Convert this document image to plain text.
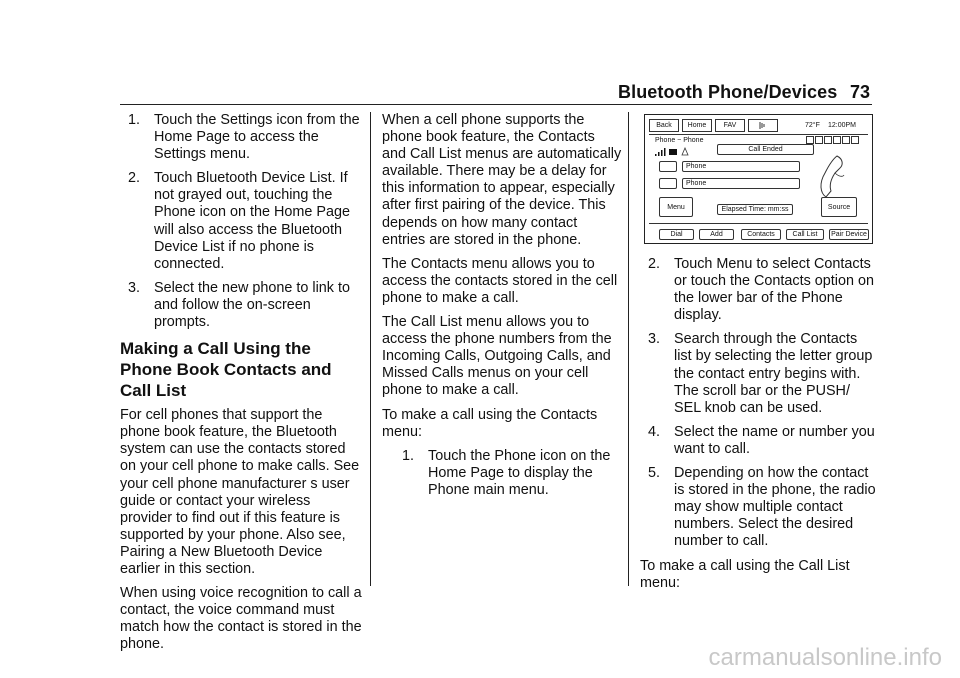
Bluetooth Phone/Devices 73
1. Touch the Settings icon from the Home Page to access the Settings menu.
2. Touch Bluetooth Device List. If not grayed out, touching the Phone icon on the Home Page will also access the Bluetooth Device List if no phone is connected.
3. Select the new phone to link to and follow the on-screen prompts.
Making a Call Using the Phone Book Contacts and Call List

For cell phones that support the phone book feature, the Bluetooth system can use the contacts stored on your cell phone to make calls. See your cell phone manufacturer s user guide or contact your wireless provider to find out if this feature is supported by your phone. Also see, Pairing a New Bluetooth Device earlier in this section.

When using voice recognition to call a contact, the voice command must match how the contact is stored in the phone.

When a cell phone supports the phone book feature, the Contacts and Call List menus are automatically available. There may be a delay for this information to appear, especially after first pairing of the device. This depends on how many contact entries are stored in the phone.

The Contacts menu allows you to access the contacts stored in the cell phone to make a call.

The Call List menu allows you to access the phone numbers from the Incoming Calls, Outgoing Calls, and Missed Calls menus on your cell phone to make a call.

To make a call using the Contacts menu:

1. Touch the Phone icon on the Home Page to display the Phone main menu.
Back	Home	FAV	72°F 12:00PM
Phone − Phone
Call Ended
Phone
Phone
Menu	Elapsed Time: mm:ss	Source
Dial	Add	Contacts	Call List	Pair Device
2. Touch Menu to select Contacts or touch the Contacts option on the lower bar of the Phone display.
3. Search through the Contacts list by selecting the letter group the contact entry begins with. The scroll bar or the PUSH/ SEL knob can be used.
4. Select the name or number you want to call.
5. Depending on how the contact is stored in the phone, the radio may show multiple contact numbers. Select the desired number to call.

To make a call using the Call List menu:

carmanualsonline.info
